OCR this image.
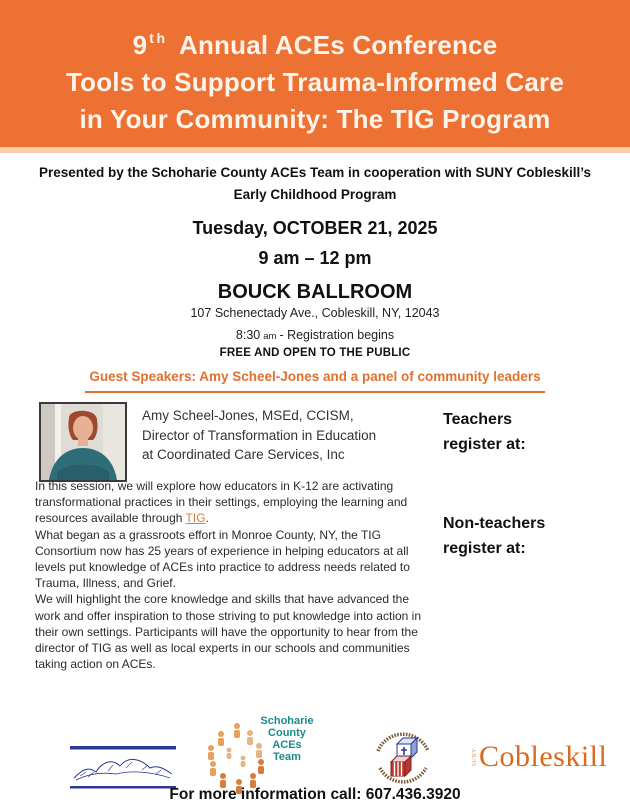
9 $^{th}$ Annual ACEs Conference
Tools to Support Trauma-Informed Care
in Your Community: The TIG Program
Presented by the Schoharie County ACEs Team in cooperation with SUNY Cobleskill’s
Early Childhood Program
Tuesday, OCTOBER 21, 2025
9 am – 12 pm
BOUCK BALLROOM
107 Schenectady Ave., Cobleskill, NY, 12043
8:30 am - Registration begins
FREE AND OPEN TO THE PUBLIC
Guest Speakers: Amy Scheel-Jones and a panel of community leaders
Amy Scheel-Jones, MSEd, CCISM,
Director of Transformation in Education
at Coordinated Care Services, Inc
Teachers
register at:
Non-teachers
register at:
In this session, we will explore how educators in K-12 are activating transformational practices in their settings, employing the learning and resources available through TIG.
What began as a grassroots effort in Monroe County, NY, the TIG Consortium now has 25 years of experience in helping educators at all levels put knowledge of ACEs into practice to address needs related to Trauma, Illness, and Grief.
We will highlight the core knowledge and skills that have advanced the work and offer inspiration to those striving to put knowledge into action in their own settings. Participants will have the opportunity to hear from the director of TIG as well as local experts in our schools and communities taking action on ACEs.
Schoharie
County
ACEs
Team	SUNY Cobleskill
For more information call: 607.436.3920
